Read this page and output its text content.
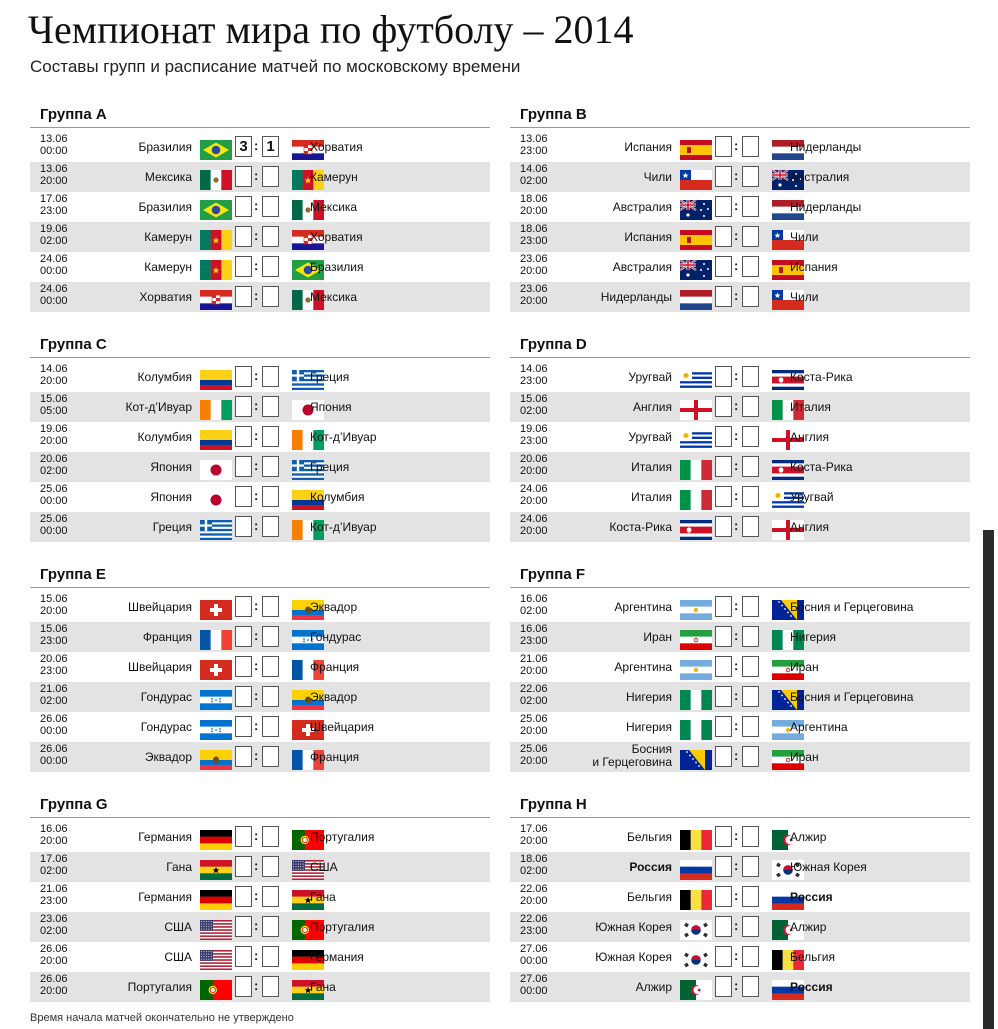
Чемпионат мира по футболу – 2014
Составы групп и расписание матчей по московскому времени
Группа A
13.06
00:00	Бразилия	3 : 1	Хорватия
13.06
20:00	Мексика	:	Камерун
17.06
23:00	Бразилия	:	Мексика
19.06
02:00	Камерун	:	Хорватия
24.06
00:00	Камерун	:	Бразилия
24.06
00:00	Хорватия	:	Мексика
Группа B
13.06
23:00	Испания	:	Нидерланды
14.06
02:00	Чили	:	Австралия
18.06
20:00	Австралия	:	Нидерланды
18.06
23:00	Испания	:	Чили
23.06
20:00	Австралия	:	Испания
23.06
20:00	Нидерланды	:	Чили
Группа C
14.06
20:00	Колумбия	:	Греция
15.06
05:00	Кот-д’Ивуар	:	Япония
19.06
20:00	Колумбия	:	Кот-д’Ивуар
20.06
02:00	Япония	:	Греция
25.06
00:00	Япония	:	Колумбия
25.06
00:00	Греция	:	Кот-д’Ивуар
Группа D
14.06
23:00	Уругвай	:	Коста-Рика
15.06
02:00	Англия	:	Италия
19.06
23:00	Уругвай	:	Англия
20.06
20:00	Италия	:	Коста-Рика
24.06
20:00	Италия	:	Уругвай
24.06
20:00	Коста-Рика	:	Англия
Группа E
15.06
20:00	Швейцария	:	Эквадор
15.06
23:00	Франция	:	Гондурас
20.06
23:00	Швейцария	:	Франция
21.06
02:00	Гондурас	:	Эквадор
26.06
00:00	Гондурас	:	Швейцария
26.06
00:00	Эквадор	:	Франция
Группа F
16.06
02:00	Аргентина	:	Босния и Герцеговина
16.06
23:00	Иран	:	Нигерия
21.06
20:00	Аргентина	:	Иран
22.06
02:00	Нигерия	:	Босния и Герцеговина
25.06
20:00	Нигерия	:	Аргентина
25.06
20:00
Босния
и Герцеговина	:	Иран
Группа G
16.06
20:00	Германия	:	Португалия
17.06
02:00	Гана	:	США
21.06
23:00	Германия	:	Гана
23.06
02:00	США	:	Португалия
26.06
20:00	США	:	Германия
26.06
20:00	Португалия	:	Гана
Группа H
17.06
20:00	Бельгия	:	Алжир
18.06
02:00	Россия	:	Южная Корея
22.06
20:00	Бельгия	:	Россия
22.06
23:00	Южная Корея	:	Алжир
27.06
00:00	Южная Корея	:	Бельгия
27.06
00:00	Алжир	:	Россия
Время начала матчей окончательно не утверждено
